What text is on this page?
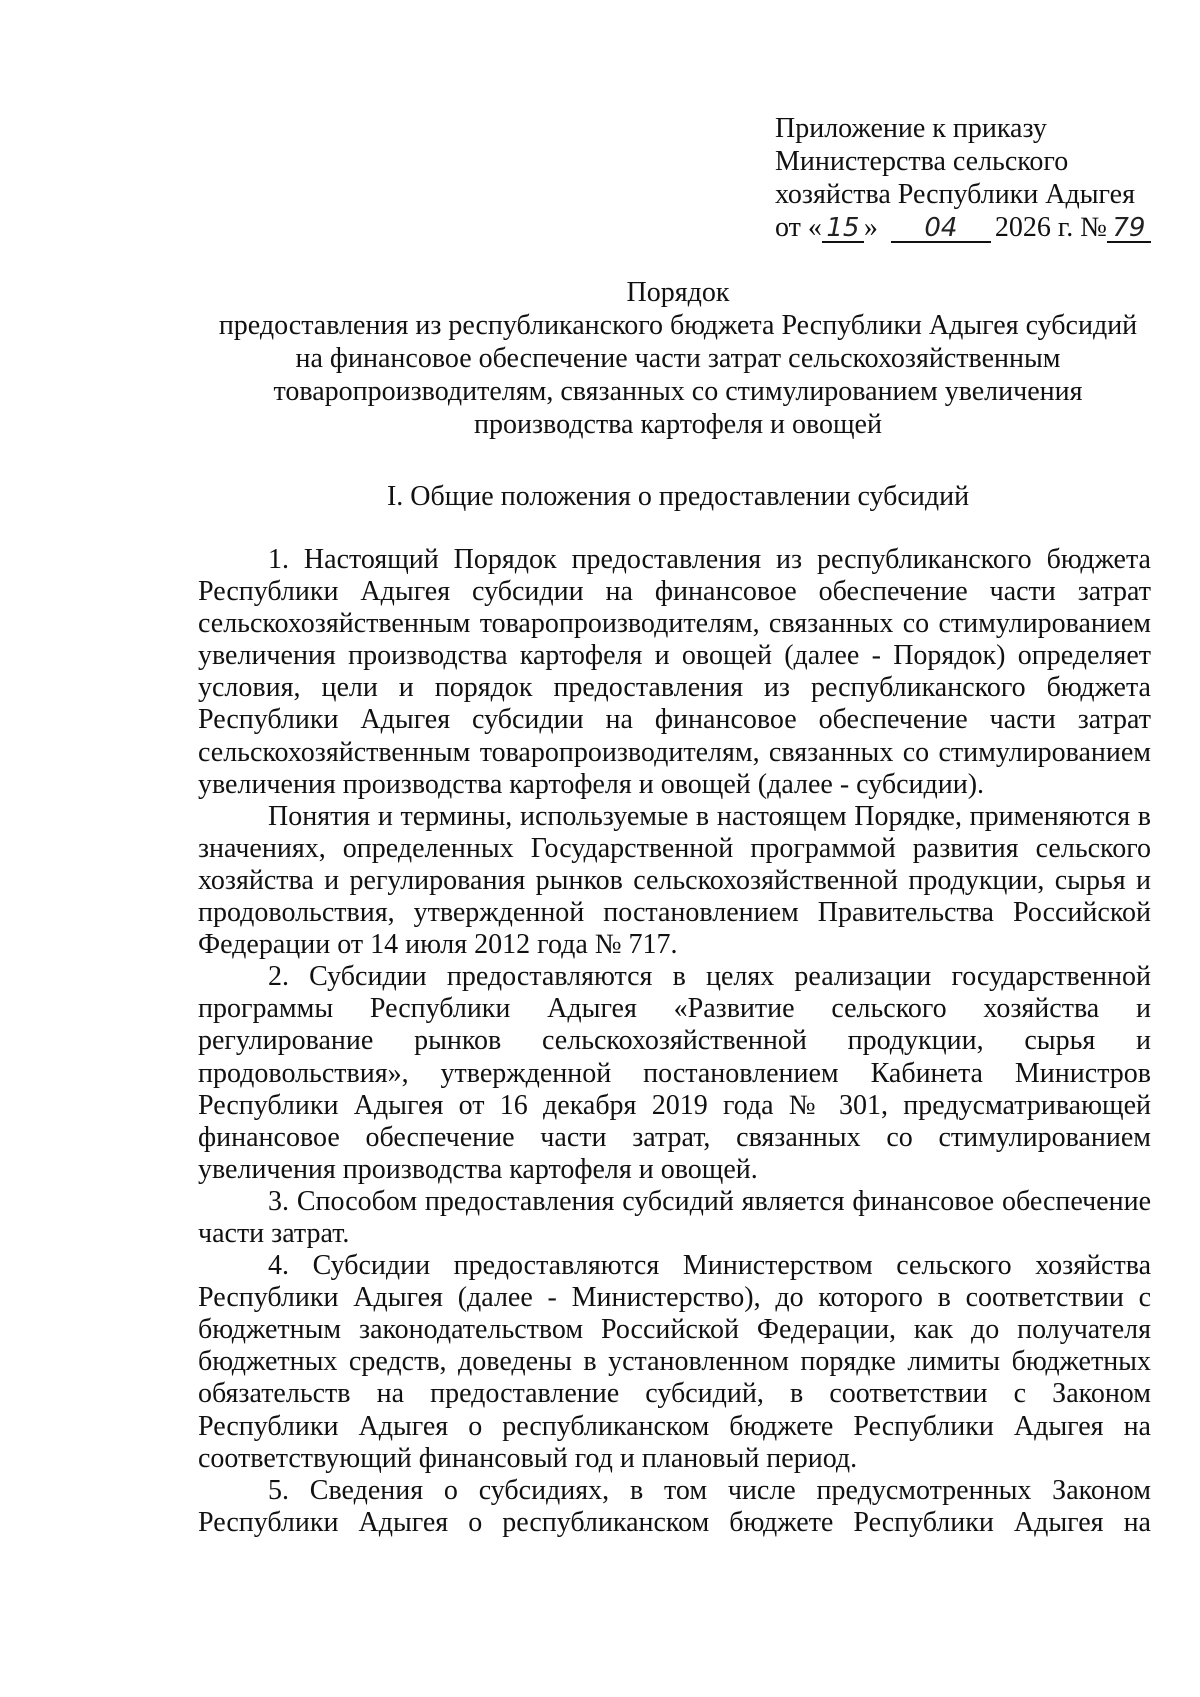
Приложение к приказу
Министерства сельского
хозяйства Республики Адыгея
от « 15 » 04 2026 г. № 79
Порядок
предоставления из республиканского бюджета Республики Адыгея субсидий
на финансовое обеспечение части затрат сельскохозяйственным
товаропроизводителям, связанных со стимулированием увеличения
производства картофеля и овощей
I. Общие положения о предоставлении субсидий

1. Настоящий Порядок предоставления из республиканского бюджета Республики Адыгея субсидии на финансовое обеспечение части затрат сельскохозяйственным товаропроизводителям, связанных со стимулированием увеличения производства картофеля и овощей (далее - Порядок) определяет условия, цели и порядок предоставления из республиканского бюджета Республики Адыгея субсидии на финансовое обеспечение части затрат сельскохозяйственным товаропроизводителям, связанных со стимулированием увеличения производства картофеля и овощей (далее - субсидии).

Понятия и термины, используемые в настоящем Порядке, применяются в значениях, определенных Государственной программой развития сельского хозяйства и регулирования рынков сельскохозяйственной продукции, сырья и продовольствия, утвержденной постановлением Правительства Российской Федерации от 14 июля 2012 года № 717.

2. Субсидии предоставляются в целях реализации государственной программы Республики Адыгея «Развитие сельского хозяйства и регулирование рынков сельскохозяйственной продукции, сырья и продовольствия», утвержденной постановлением Кабинета Министров Республики Адыгея от 16 декабря 2019 года № 301, предусматривающей финансовое обеспечение части затрат, связанных со стимулированием увеличения производства картофеля и овощей.

3. Способом предоставления субсидий является финансовое обеспечение части затрат.

4. Субсидии предоставляются Министерством сельского хозяйства Республики Адыгея (далее - Министерство), до которого в соответствии с бюджетным законодательством Российской Федерации, как до получателя бюджетных средств, доведены в установленном порядке лимиты бюджетных обязательств на предоставление субсидий, в соответствии с Законом Республики Адыгея о республиканском бюджете Республики Адыгея на соответствующий финансовый год и плановый период.

5. Сведения о субсидиях, в том числе предусмотренных Законом Республики Адыгея о республиканском бюджете Республики Адыгея на
